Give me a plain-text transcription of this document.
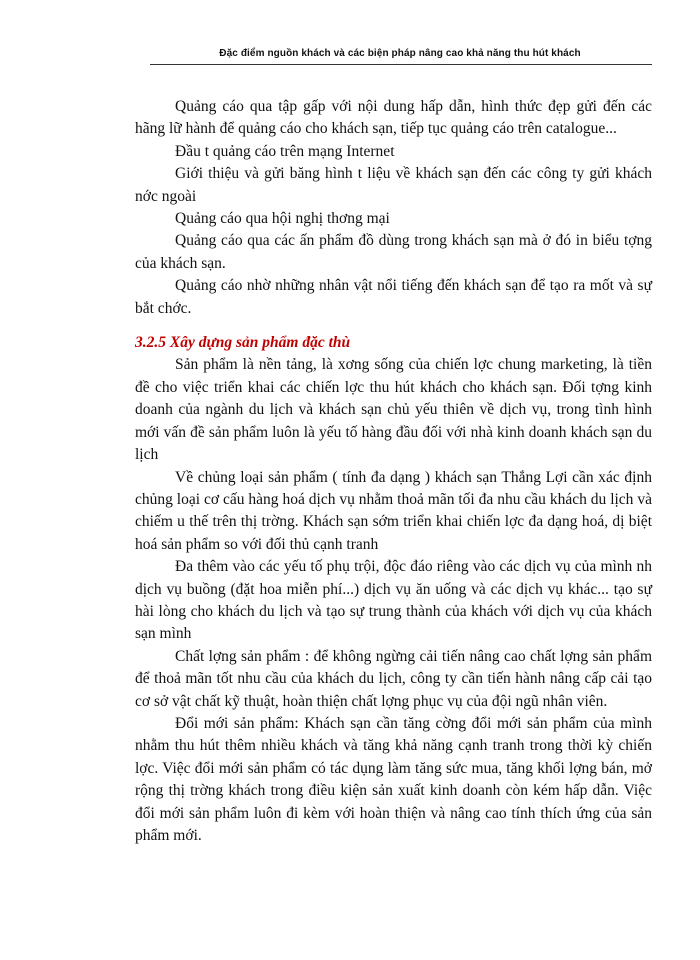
Đặc điểm nguồn khách và các biện pháp nâng cao khả năng thu hút khách

Quảng cáo qua tập gấp với nội dung hấp dẫn, hình thức đẹp gửi đến các hãng lữ hành để quảng cáo cho khách sạn, tiếp tục quảng cáo trên catalogue...

Đầu t quảng cáo trên mạng Internet

Giới thiệu và gửi băng hình t liệu về khách sạn đến các công ty gửi khách nớc ngoài

Quảng cáo qua hội nghị thơng mại

Quảng cáo qua các ấn phẩm đồ dùng trong khách sạn mà ở đó in biểu tợng của khách sạn.

Quảng cáo nhờ những nhân vật nổi tiếng đến khách sạn để tạo ra mốt và sự bắt chớc.

3.2.5 Xây dựng sản phẩm đặc thù

Sản phẩm là nền tảng, là xơng sống của chiến lợc chung marketing, là tiền đề cho việc triển khai các chiến lợc thu hút khách cho khách sạn. Đối tợng kinh doanh của ngành du lịch và khách sạn chủ yếu thiên về dịch vụ, trong tình hình mới vấn đề sản phẩm luôn là yếu tố hàng đầu đối với nhà kinh doanh khách sạn du lịch

Về chủng loại sản phẩm ( tính đa dạng ) khách sạn Thắng Lợi cần xác định chủng loại cơ cấu hàng hoá dịch vụ nhằm thoả mãn tối đa nhu cầu khách du lịch và chiếm u thế trên thị trờng. Khách sạn sớm triển khai chiến lợc đa dạng hoá, dị biệt hoá sản phẩm so với đối thủ cạnh tranh

Đa thêm vào các yếu tố phụ trội, độc đáo riêng vào các dịch vụ của mình nh dịch vụ buồng (đặt hoa miễn phí...) dịch vụ ăn uống và các dịch vụ khác... tạo sự hài lòng cho khách du lịch và tạo sự trung thành của khách với dịch vụ của khách sạn mình

Chất lợng sản phẩm : để không ngừng cải tiến nâng cao chất lợng sản phẩm để thoả mãn tốt nhu cầu của khách du lịch, công ty cần tiến hành nâng cấp cải tạo cơ sở vật chất kỹ thuật, hoàn thiện chất lợng phục vụ của đội ngũ nhân viên.

Đổi mới sản phẩm: Khách sạn cần tăng cờng đổi mới sản phẩm của mình nhằm thu hút thêm nhiều khách và tăng khả năng cạnh tranh trong thời kỳ chiến lợc. Việc đổi mới sản phẩm có tác dụng làm tăng sức mua, tăng khối lợng bán, mở rộng thị trờng khách trong điều kiện sản xuất kinh doanh còn kém hấp dẫn. Việc đổi mới sản phẩm luôn đi kèm với hoàn thiện và nâng cao tính thích ứng của sản phẩm mới.
